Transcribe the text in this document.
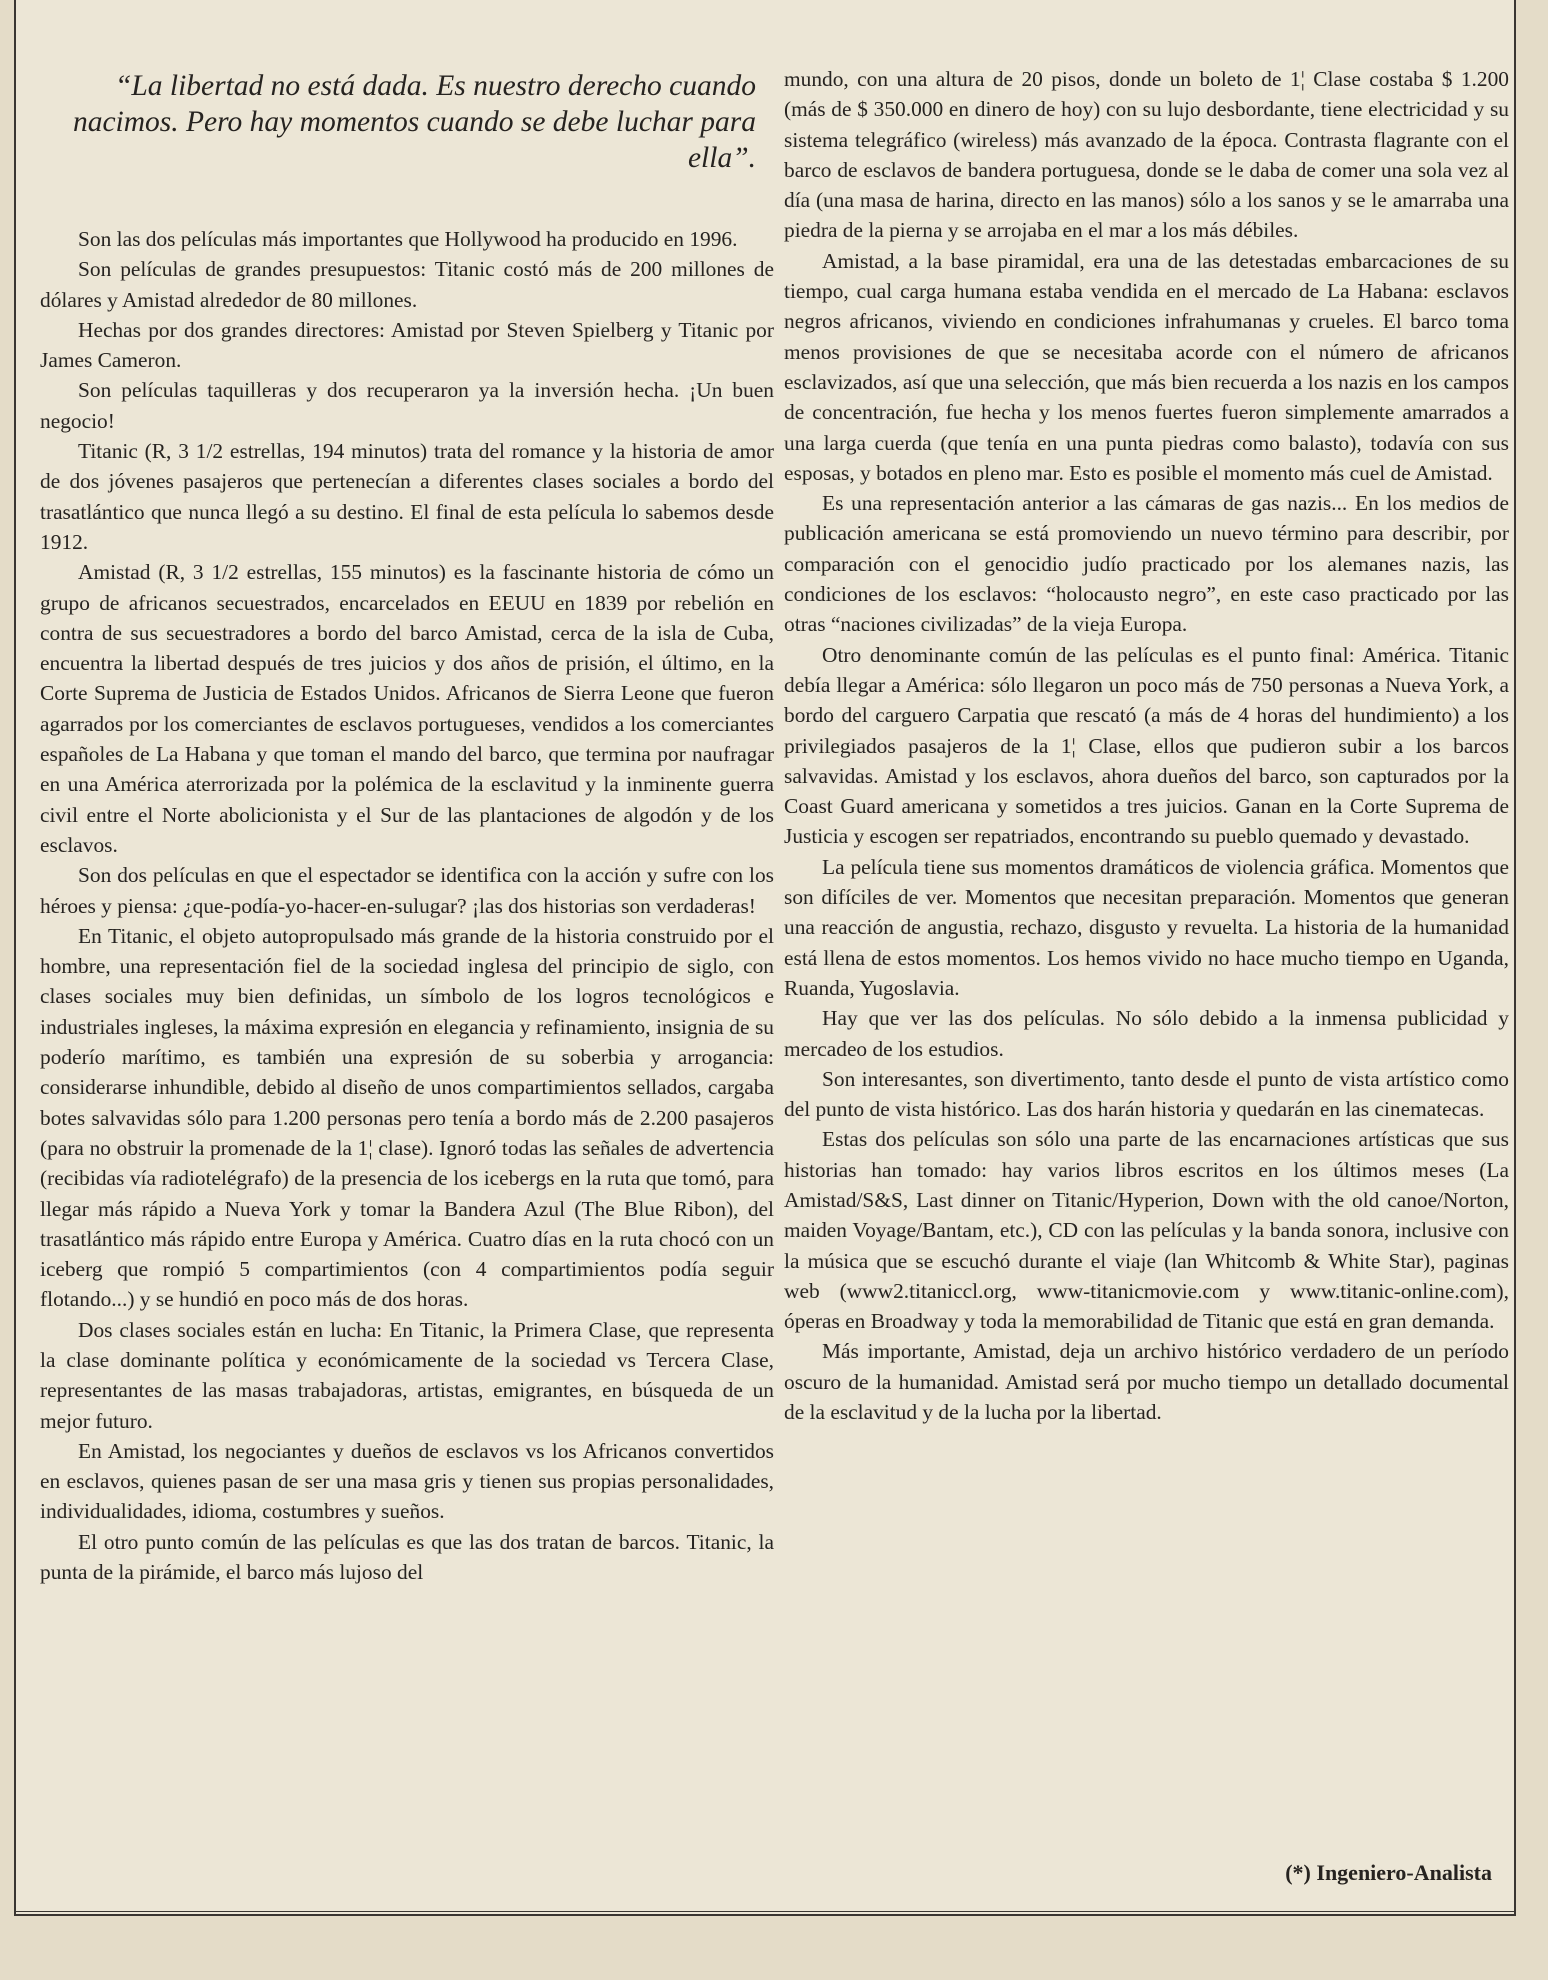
“La libertad no está dada. Es nuestro derecho cuando nacimos. Pero hay momentos cuando se debe luchar para ella”.

Son las dos películas más importantes que Hollywood ha producido en 1996.

Son películas de grandes presupuestos: Titanic costó más de 200 millones de dólares y Amistad alrededor de 80 millones.

Hechas por dos grandes directores: Amistad por Steven Spielberg y Titanic por James Cameron.

Son películas taquilleras y dos recuperaron ya la inversión hecha. ¡Un buen negocio!

Titanic (R, 3 1/2 estrellas, 194 minutos) trata del romance y la historia de amor de dos jóvenes pasajeros que pertenecían a diferentes clases sociales a bordo del trasatlántico que nunca llegó a su destino. El final de esta película lo sabemos desde 1912.

Amistad (R, 3 1/2 estrellas, 155 minutos) es la fascinante historia de cómo un grupo de africanos secuestrados, encarcelados en EEUU en 1839 por rebelión en contra de sus secuestradores a bordo del barco Amistad, cerca de la isla de Cuba, encuentra la libertad después de tres juicios y dos años de prisión, el último, en la Corte Suprema de Justicia de Estados Unidos. Africanos de Sierra Leone que fueron agarrados por los comerciantes de esclavos portugueses, vendidos a los comerciantes españoles de La Habana y que toman el mando del barco, que termina por naufragar en una América aterrorizada por la polémica de la esclavitud y la inminente guerra civil entre el Norte abolicionista y el Sur de las plantaciones de algodón y de los esclavos.

Son dos películas en que el espectador se identifica con la acción y sufre con los héroes y piensa: ¿que-podía-yo-hacer-en-sulugar? ¡las dos historias son verdaderas!

En Titanic, el objeto autopropulsado más grande de la historia construido por el hombre, una representación fiel de la sociedad inglesa del principio de siglo, con clases sociales muy bien definidas, un símbolo de los logros tecnológicos e industriales ingleses, la máxima expresión en elegancia y refinamiento, insignia de su poderío marítimo, es también una expresión de su soberbia y arrogancia: considerarse inhundible, debido al diseño de unos compartimientos sellados, cargaba botes salvavidas sólo para 1.200 personas pero tenía a bordo más de 2.200 pasajeros (para no obstruir la promenade de la 1¦ clase). Ignoró todas las señales de advertencia (recibidas vía radiotelégrafo) de la presencia de los icebergs en la ruta que tomó, para llegar más rápido a Nueva York y tomar la Bandera Azul (The Blue Ribon), del trasatlántico más rápido entre Europa y América. Cuatro días en la ruta chocó con un iceberg que rompió 5 compartimientos (con 4 compartimientos podía seguir flotando...) y se hundió en poco más de dos horas.

Dos clases sociales están en lucha: En Titanic, la Primera Clase, que representa la clase dominante política y económicamente de la sociedad vs Tercera Clase, representantes de las masas trabajadoras, artistas, emigrantes, en búsqueda de un mejor futuro.

En Amistad, los negociantes y dueños de esclavos vs los Africanos convertidos en esclavos, quienes pasan de ser una masa gris y tienen sus propias personalidades, individualidades, idioma, costumbres y sueños.

El otro punto común de las películas es que las dos tratan de barcos. Titanic, la punta de la pirámide, el barco más lujoso del

mundo, con una altura de 20 pisos, donde un boleto de 1¦ Clase costaba $ 1.200 (más de $ 350.000 en dinero de hoy) con su lujo desbordante, tiene electricidad y su sistema telegráfico (wireless) más avanzado de la época. Contrasta flagrante con el barco de esclavos de bandera portuguesa, donde se le daba de comer una sola vez al día (una masa de harina, directo en las manos) sólo a los sanos y se le amarraba una piedra de la pierna y se arrojaba en el mar a los más débiles.

Amistad, a la base piramidal, era una de las detestadas embarcaciones de su tiempo, cual carga humana estaba vendida en el mercado de La Habana: esclavos negros africanos, viviendo en condiciones infrahumanas y crueles. El barco toma menos provisiones de que se necesitaba acorde con el número de africanos esclavizados, así que una selección, que más bien recuerda a los nazis en los campos de concentración, fue hecha y los menos fuertes fueron simplemente amarrados a una larga cuerda (que tenía en una punta piedras como balasto), todavía con sus esposas, y botados en pleno mar. Esto es posible el momento más cuel de Amistad.

Es una representación anterior a las cámaras de gas nazis... En los medios de publicación americana se está promoviendo un nuevo término para describir, por comparación con el genocidio judío practicado por los alemanes nazis, las condiciones de los esclavos: “holocausto negro”, en este caso practicado por las otras “naciones civilizadas” de la vieja Europa.

Otro denominante común de las películas es el punto final: América. Titanic debía llegar a América: sólo llegaron un poco más de 750 personas a Nueva York, a bordo del carguero Carpatia que rescató (a más de 4 horas del hundimiento) a los privilegiados pasajeros de la 1¦ Clase, ellos que pudieron subir a los barcos salvavidas. Amistad y los esclavos, ahora dueños del barco, son capturados por la Coast Guard americana y sometidos a tres juicios. Ganan en la Corte Suprema de Justicia y escogen ser repatriados, encontrando su pueblo quemado y devastado.

La película tiene sus momentos dramáticos de violencia gráfica. Momentos que son difíciles de ver. Momentos que necesitan preparación. Momentos que generan una reacción de angustia, rechazo, disgusto y revuelta. La historia de la humanidad está llena de estos momentos. Los hemos vivido no hace mucho tiempo en Uganda, Ruanda, Yugoslavia.

Hay que ver las dos películas. No sólo debido a la inmensa publicidad y mercadeo de los estudios.

Son interesantes, son divertimento, tanto desde el punto de vista artístico como del punto de vista histórico. Las dos harán historia y quedarán en las cinematecas.

Estas dos películas son sólo una parte de las encarnaciones artísticas que sus historias han tomado: hay varios libros escritos en los últimos meses (La Amistad/S&S, Last dinner on Titanic/Hyperion, Down with the old canoe/Norton, maiden Voyage/Bantam, etc.), CD con las películas y la banda sonora, inclusive con la música que se escuchó durante el viaje (lan Whitcomb & White Star), paginas web (www2.titaniccl.org, www-titanicmovie.com y www.titanic-online.com), óperas en Broadway y toda la memorabilidad de Titanic que está en gran demanda.

Más importante, Amistad, deja un archivo histórico verdadero de un período oscuro de la humanidad. Amistad será por mucho tiempo un detallado documental de la esclavitud y de la lucha por la libertad.

(*) Ingeniero-Analista
